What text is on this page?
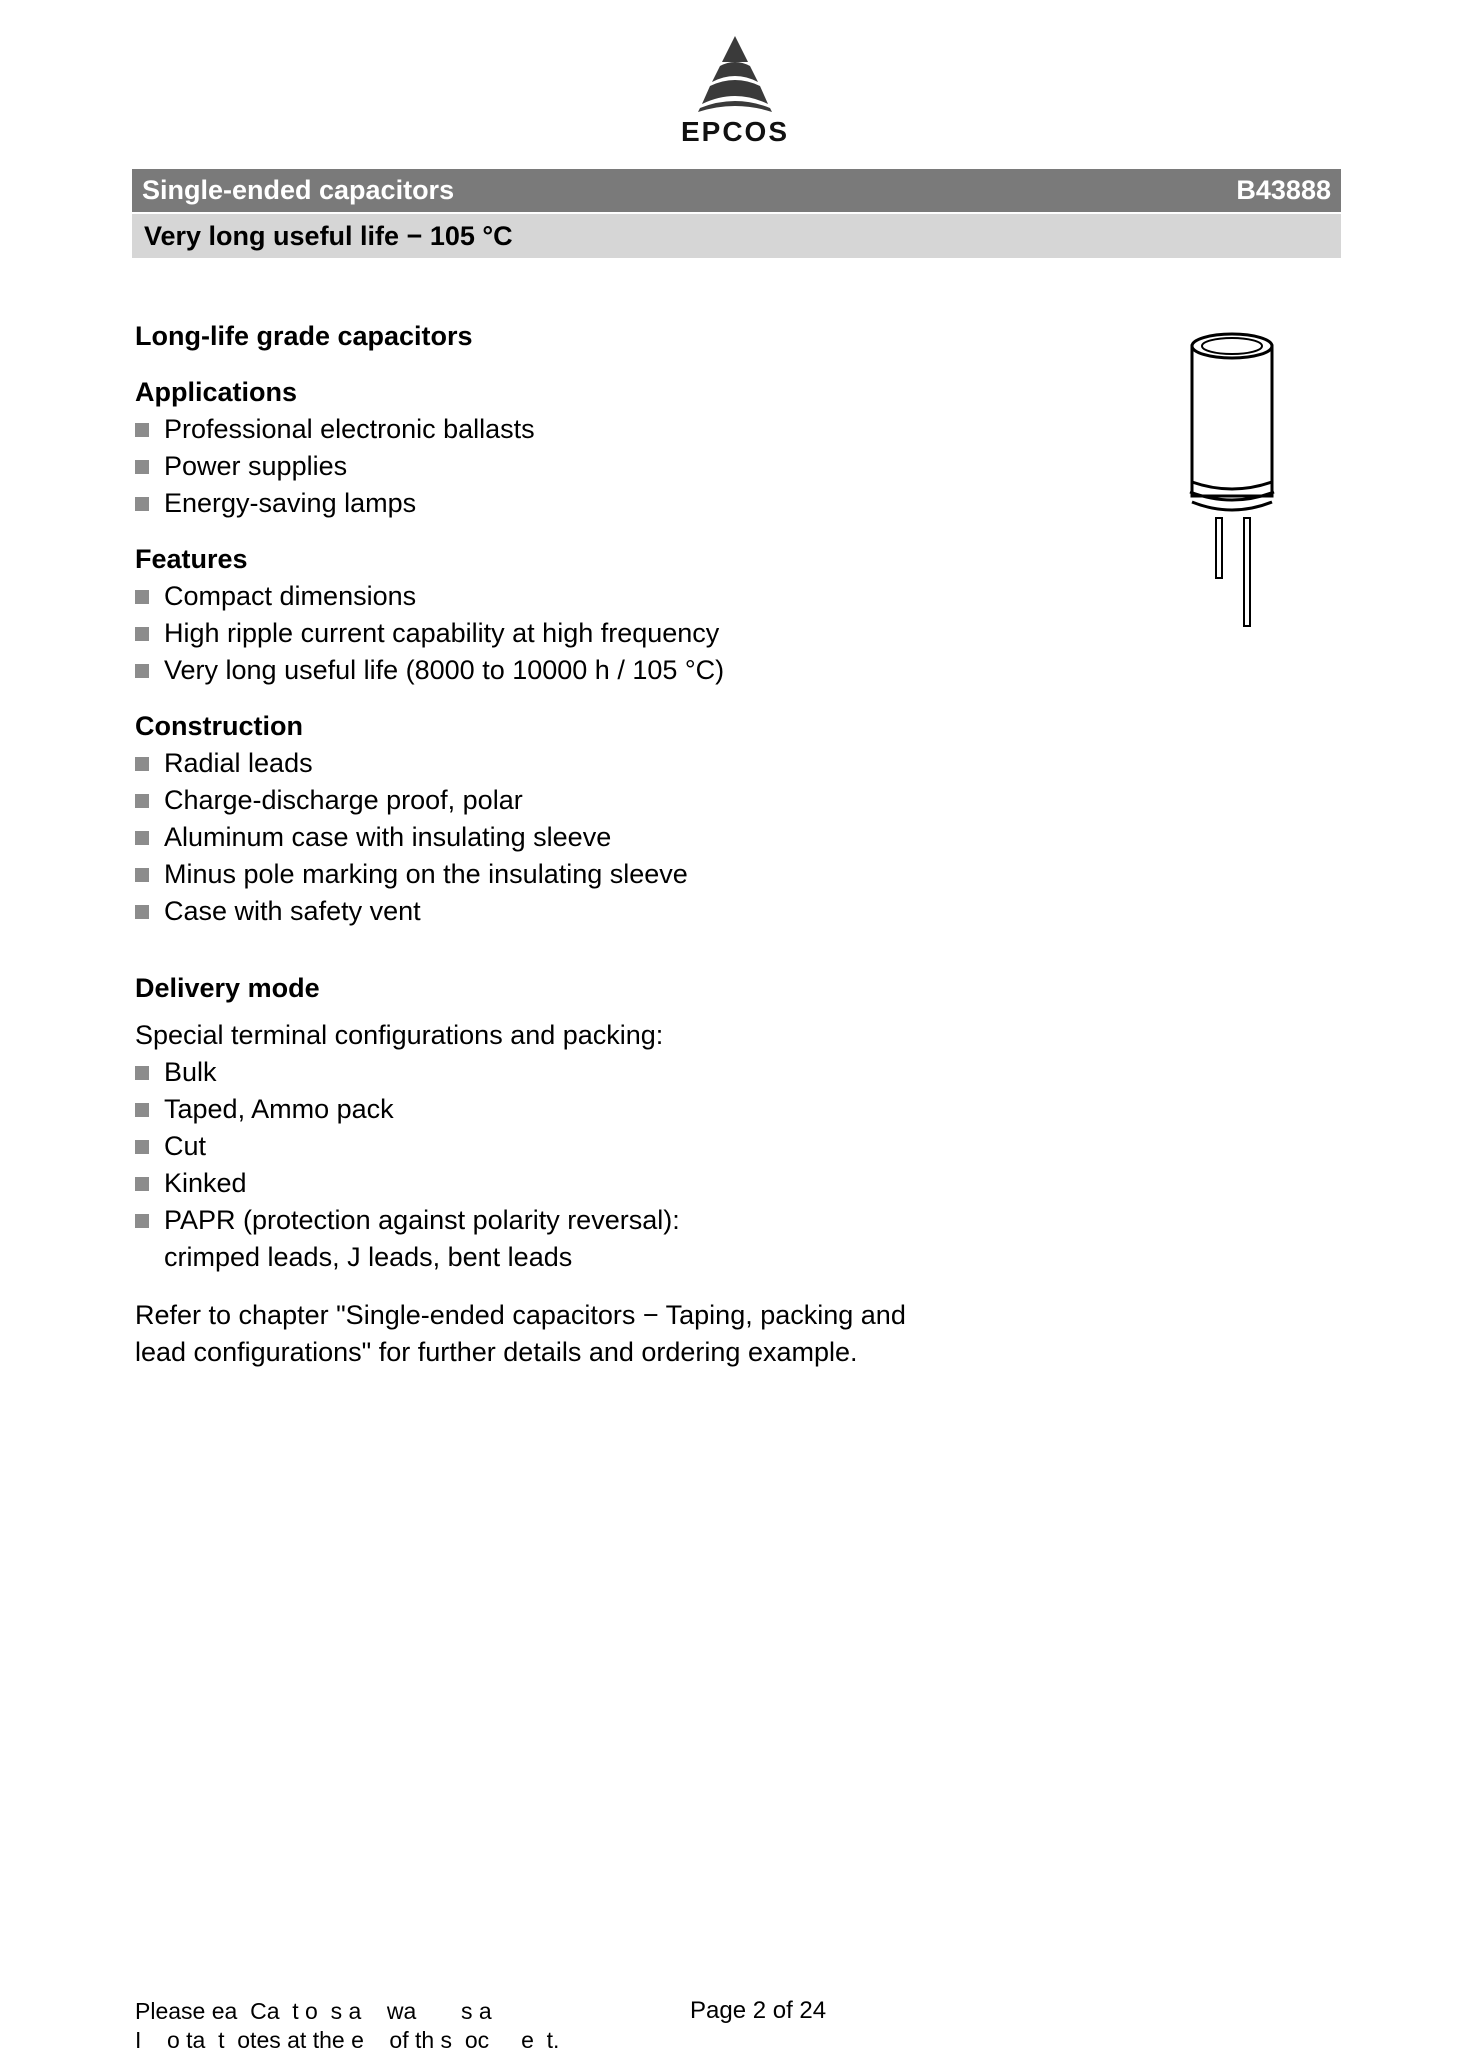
EPCOS
Single-ended capacitors	B43888
Very long useful life − 105 °C
Long-life grade capacitors
Applications
Professional electronic ballasts
Power supplies
Energy-saving lamps
Features
Compact dimensions
High ripple current capability at high frequency
Very long useful life (8000 to 10000 h / 105 °C)
Construction
Radial leads
Charge-discharge proof, polar
Aluminum case with insulating sleeve
Minus pole marking on the insulating sleeve
Case with safety vent
Delivery mode

Special terminal configurations and packing:

Bulk
Taped, Ammo pack
Cut
Kinked
PAPR (protection against polarity reversal):
crimped leads, J leads, bent leads

Refer to chapter "Single-ended capacitors − Taping, packing and lead configurations" for further details and ordering example.

Please ea  Ca  t o  s a    wa       s a
I    o ta  t  otes at the e    of th s  oc     e  t.
Page 2 of 24
